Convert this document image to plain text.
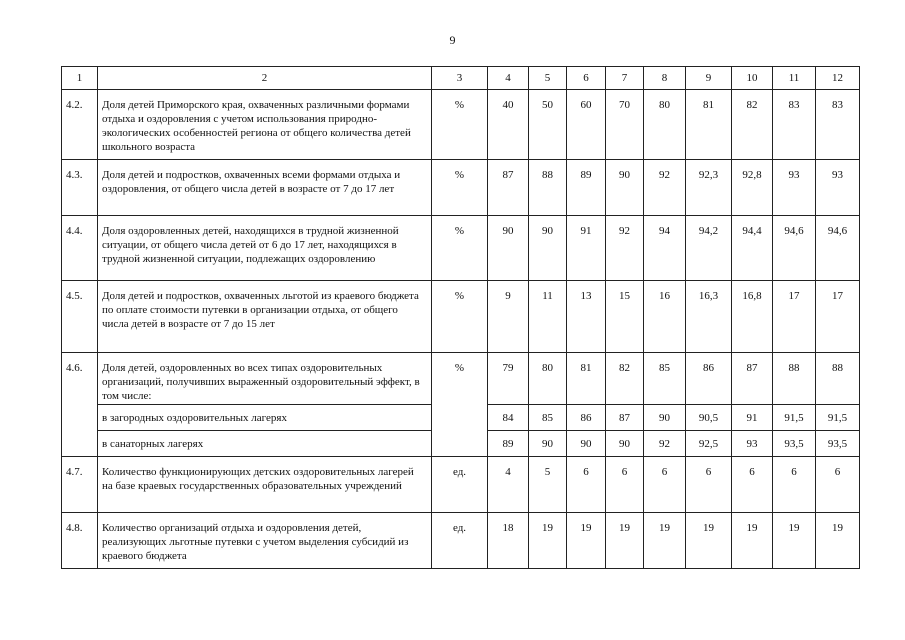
9
1	2	3	4	5	6	7	8	9	10	11	12
4.2.	Доля детей Приморского края, охваченных различными формами отдыха и оздоровления с учетом использования природно-экологических особенностей региона от общего количества детей школьного возраста	%	40	50	60	70	80	81	82	83	83
4.3.	Доля детей и подростков, охваченных всеми формами отдыха и оздоровления, от общего числа детей в возрасте от 7 до 17 лет	%	87	88	89	90	92	92,3	92,8	93	93
4.4.	Доля оздоровленных детей, находящихся в трудной жизненной ситуации, от общего числа детей от 6 до 17 лет, находящихся в трудной жизненной ситуации, подлежащих оздоровлению	%	90	90	91	92	94	94,2	94,4	94,6	94,6
4.5.	Доля детей и подростков, охваченных льготой из краевого бюджета по оплате стоимости путевки в организации отдыха, от общего числа детей в возрасте от 7 до 15 лет	%	9	11	13	15	16	16,3	16,8	17	17
4.6.	Доля детей, оздоровленных во всех типах оздоровительных организаций, получивших выраженный оздоровительный эффект, в том числе:	%	79	80	81	82	85	86	87	88	88
	в загородных оздоровительных лагерях		84	85	86	87	90	90,5	91	91,5	91,5
	в санаторных лагерях		89	90	90	90	92	92,5	93	93,5	93,5
4.7.	Количество функционирующих детских оздоровительных лагерей на базе краевых государственных образовательных учреждений	ед.	4	5	6	6	6	6	6	6	6
4.8.	Количество организаций отдыха и оздоровления детей, реализующих льготные путевки с учетом выделения субсидий из краевого бюджета	ед.	18	19	19	19	19	19	19	19	19
